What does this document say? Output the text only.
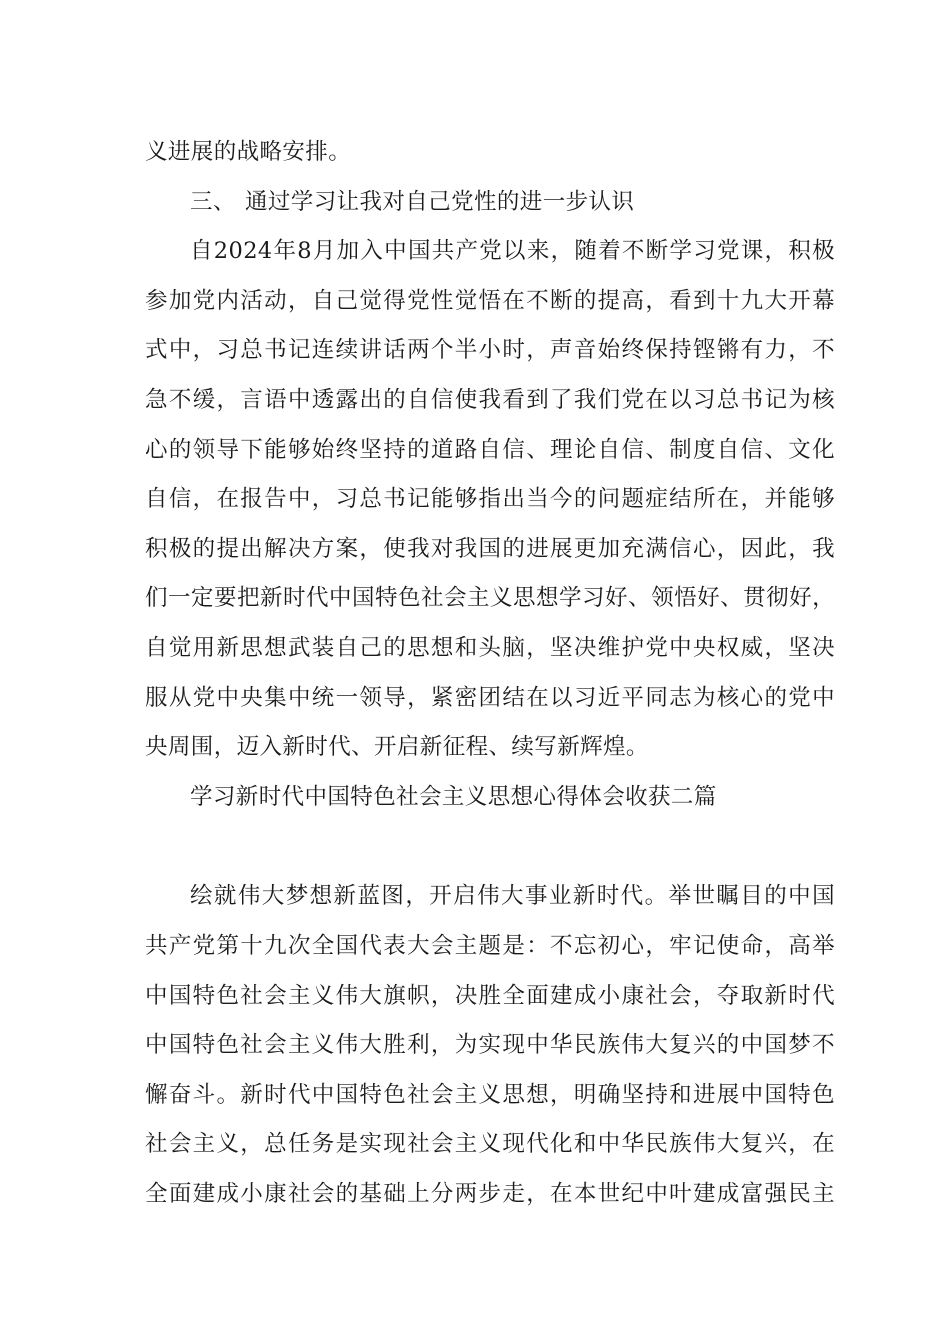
义进展的战略安排。
三、 通过学习让我对自己党性的进一步认识
自2024年8月加入中国共产党以来，随着不断学习党课，积极
参加党内活动，自己觉得党性觉悟在不断的提高，看到十九大开幕
式中，习总书记连续讲话两个半小时，声音始终保持铿锵有力，不
急不缓，言语中透露出的自信使我看到了我们党在以习总书记为核
心的领导下能够始终坚持的道路自信、理论自信、制度自信、文化
自信，在报告中，习总书记能够指出当今的问题症结所在，并能够
积极的提出解决方案，使我对我国的进展更加充满信心，因此，我
们一定要把新时代中国特色社会主义思想学习好、领悟好、贯彻好，
自觉用新思想武装自己的思想和头脑，坚决维护党中央权威，坚决
服从党中央集中统一领导，紧密团结在以习近平同志为核心的党中
央周围，迈入新时代、开启新征程、续写新辉煌。
学习新时代中国特色社会主义思想心得体会收获二篇
绘就伟大梦想新蓝图，开启伟大事业新时代。举世瞩目的中国
共产党第十九次全国代表大会主题是：不忘初心，牢记使命，高举
中国特色社会主义伟大旗帜，决胜全面建成小康社会，夺取新时代
中国特色社会主义伟大胜利，为实现中华民族伟大复兴的中国梦不
懈奋斗。新时代中国特色社会主义思想，明确坚持和进展中国特色
社会主义，总任务是实现社会主义现代化和中华民族伟大复兴，在
全面建成小康社会的基础上分两步走，在本世纪中叶建成富强民主
